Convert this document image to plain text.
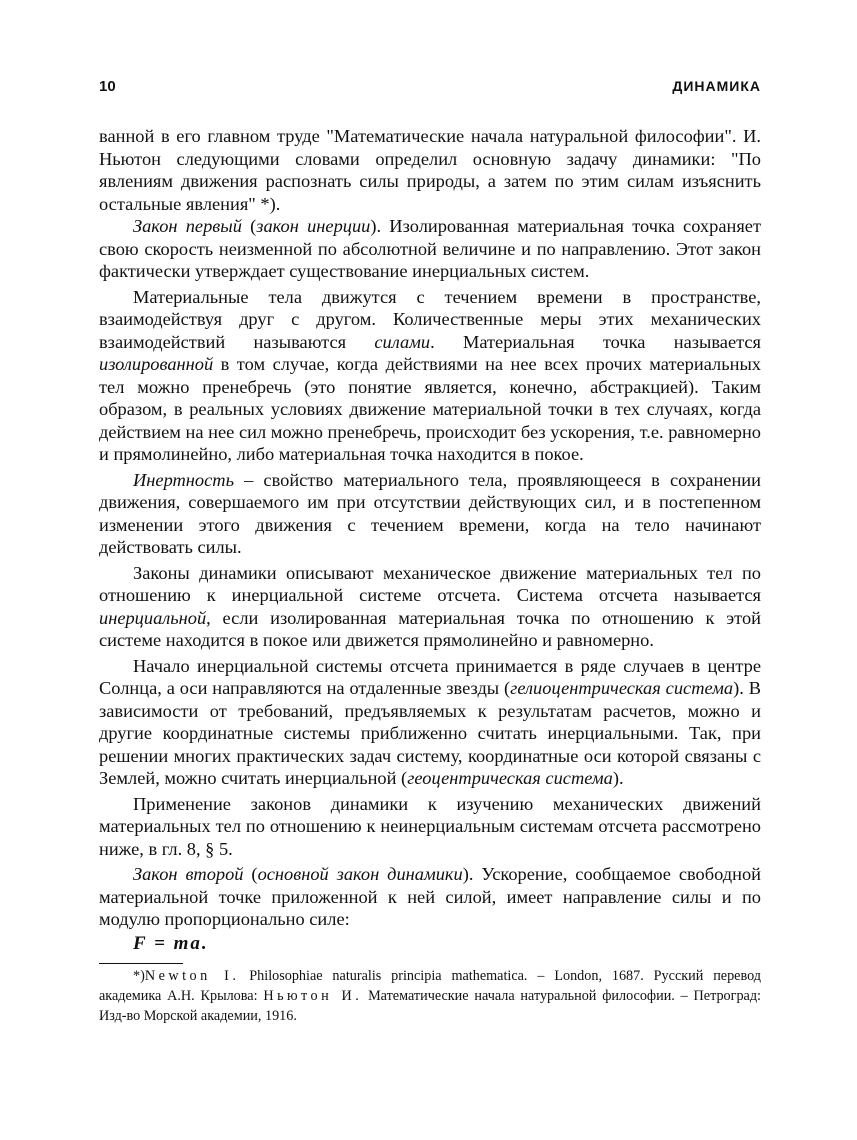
10	ДИНАМИКА

ванной в его главном труде "Математические начала натуральной философии". И. Ньютон следующими словами определил основную задачу динамики: "По явлениям движения распознать силы природы, а затем по этим силам изъяснить остальные явления" *).

Закон первый (закон инерции). Изолированная материальная точка сохраняет свою скорость неизменной по абсолютной величине и по направлению. Этот закон фактически утверждает существование инерциальных систем.

Материальные тела движутся с течением времени в пространстве, взаимодействуя друг с другом. Количественные меры этих механических взаимодействий называются силами. Материальная точка называется изолированной в том случае, когда действиями на нее всех прочих материальных тел можно пренебречь (это понятие является, конечно, абстракцией). Таким образом, в реальных условиях движение материальной точки в тех случаях, когда действием на нее сил можно пренебречь, происходит без ускорения, т.е. равномерно и прямолинейно, либо материальная точка находится в покое.

Инертность – свойство материального тела, проявляющееся в сохранении движения, совершаемого им при отсутствии действующих сил, и в постепенном изменении этого движения с течением времени, когда на тело начинают действовать силы.

Законы динамики описывают механическое движение материальных тел по отношению к инерциальной системе отсчета. Система отсчета называется инерциальной, если изолированная материальная точка по отношению к этой системе находится в покое или движется прямолинейно и равномерно.

Начало инерциальной системы отсчета принимается в ряде случаев в центре Солнца, а оси направляются на отдаленные звезды (гелиоцентрическая система). В зависимости от требований, предъявляемых к результатам расчетов, можно и другие координатные системы приближенно считать инерциальными. Так, при решении многих практических задач систему, координатные оси которой связаны с Землей, можно считать инерциальной (геоцентрическая система).

Применение законов динамики к изучению механических движений материальных тел по отношению к неинерциальным системам отсчета рассмотрено ниже, в гл. 8, § 5.

Закон второй (основной закон динамики). Ускорение, сообщаемое свободной материальной точке приложенной к ней силой, имеет направление силы и по модулю пропорционально силе:

F = ma.

*)Newton I. Philosophiae naturalis principia mathematica. – London, 1687. Русский перевод академика А.Н. Крылова: Ньютон И. Математические начала натуральной философии. – Петроград: Изд-во Морской академии, 1916.
